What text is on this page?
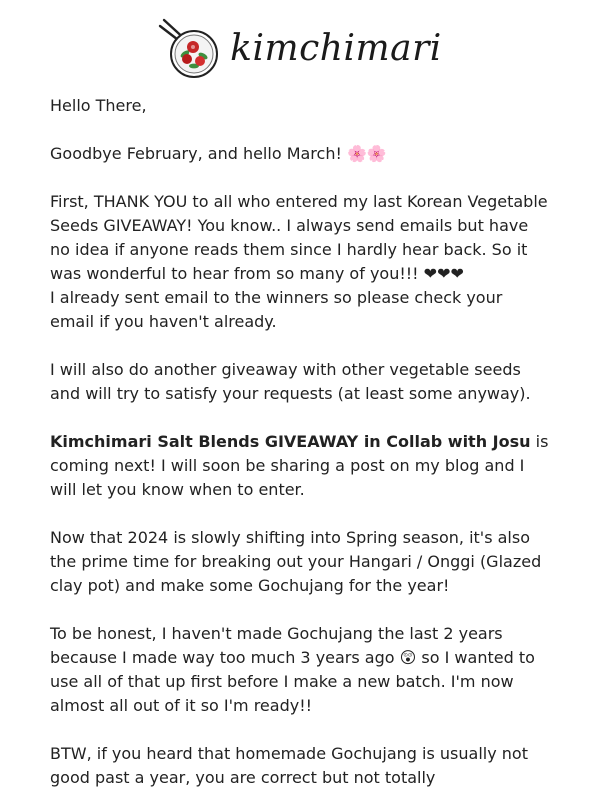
kimchimari

Hello There,

Goodbye February, and hello March! 🌸🌸

First, THANK YOU to all who entered my last Korean Vegetable Seeds GIVEAWAY! You know.. I always send emails but have no idea if anyone reads them since I hardly hear back. So it was wonderful to hear from so many of you!!! ❤❤❤

I already sent email to the winners so please check your email if you haven't already.

I will also do another giveaway with other vegetable seeds and will try to satisfy your requests (at least some anyway).

Kimchimari Salt Blends GIVEAWAY in Collab with Josu is coming next! I will soon be sharing a post on my blog and I will let you know when to enter.

Now that 2024 is slowly shifting into Spring season, it's also the prime time for breaking out your Hangari / Onggi (Glazed clay pot) and make some Gochujang for the year!

To be honest, I haven't made Gochujang the last 2 years because I made way too much 3 years ago 😲 so I wanted to use all of that up first before I make a new batch. I'm now almost all out of it so I'm ready!!

BTW, if you heard that homemade Gochujang is usually not good past a year, you are correct but not totally
